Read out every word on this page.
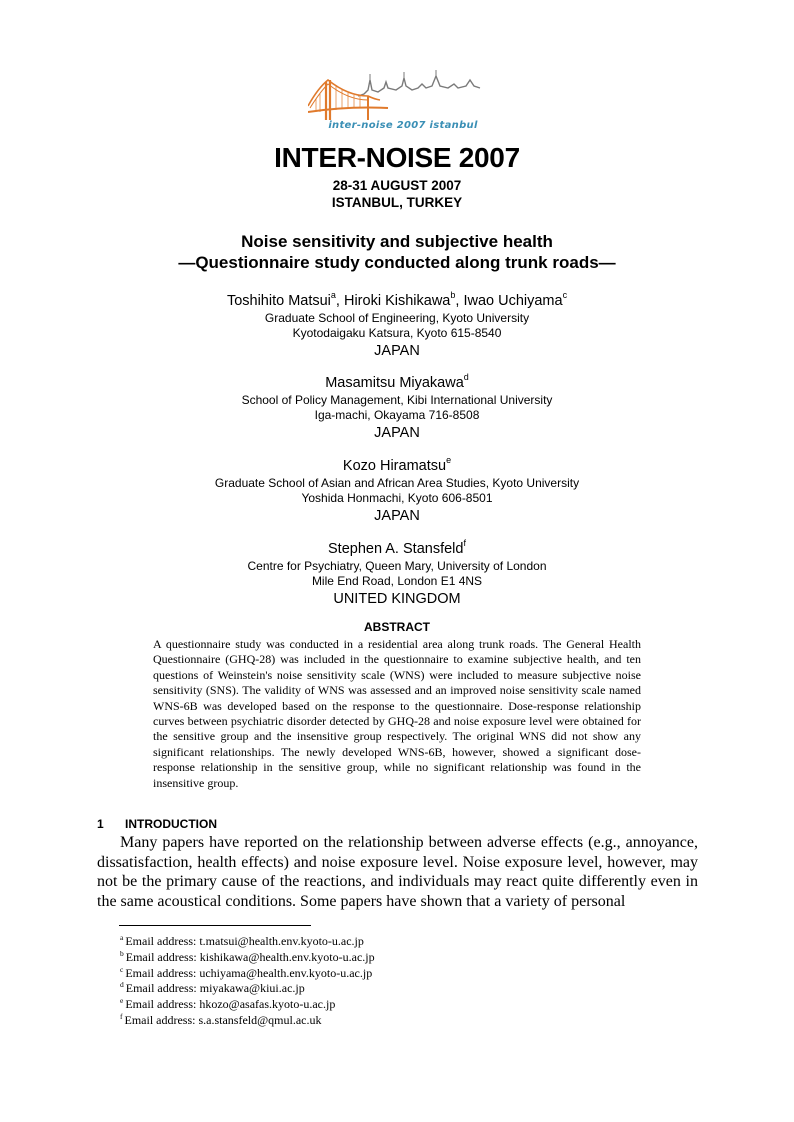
inter-noise 2007 istanbul
INTER-NOISE 2007
28-31 AUGUST 2007
ISTANBUL, TURKEY
Noise sensitivity and subjective health
—Questionnaire study conducted along trunk roads—
Toshihito Matsui$^a$, Hiroki Kishikawa$^b$, Iwao Uchiyama$^c$
Graduate School of Engineering, Kyoto University
Kyotodaigaku Katsura, Kyoto 615-8540
JAPAN
Masamitsu Miyakawa$^d$
School of Policy Management, Kibi International University
Iga-machi, Okayama 716-8508
JAPAN
Kozo Hiramatsu$^e$
Graduate School of Asian and African Area Studies, Kyoto University
Yoshida Honmachi, Kyoto 606-8501
JAPAN
Stephen A. Stansfeld$^f$
Centre for Psychiatry, Queen Mary, University of London
Mile End Road, London E1 4NS
UNITED KINGDOM
ABSTRACT
A questionnaire study was conducted in a residential area along trunk roads. The General Health Questionnaire (GHQ-28) was included in the questionnaire to examine subjective health, and ten questions of Weinstein's noise sensitivity scale (WNS) were included to measure subjective noise sensitivity (SNS). The validity of WNS was assessed and an improved noise sensitivity scale named WNS-6B was developed based on the response to the questionnaire. Dose-response relationship curves between psychiatric disorder detected by GHQ-28 and noise exposure level were obtained for the sensitive group and the insensitive group respectively. The original WNS did not show any significant relationships. The newly developed WNS-6B, however, showed a significant dose-response relationship in the sensitive group, while no significant relationship was found in the insensitive group.
1 INTRODUCTION
Many papers have reported on the relationship between adverse effects (e.g., annoyance, dissatisfaction, health effects) and noise exposure level. Noise exposure level, however, may not be the primary cause of the reactions, and individuals may react quite differently even in the same acoustical conditions. Some papers have shown that a variety of personal
$^a$ Email address: t.matsui@health.env.kyoto-u.ac.jp
$^b$ Email address: kishikawa@health.env.kyoto-u.ac.jp
$^c$ Email address: uchiyama@health.env.kyoto-u.ac.jp
$^d$ Email address: miyakawa@kiui.ac.jp
$^e$ Email address: hkozo@asafas.kyoto-u.ac.jp
$^f$ Email address: s.a.stansfeld@qmul.ac.uk
